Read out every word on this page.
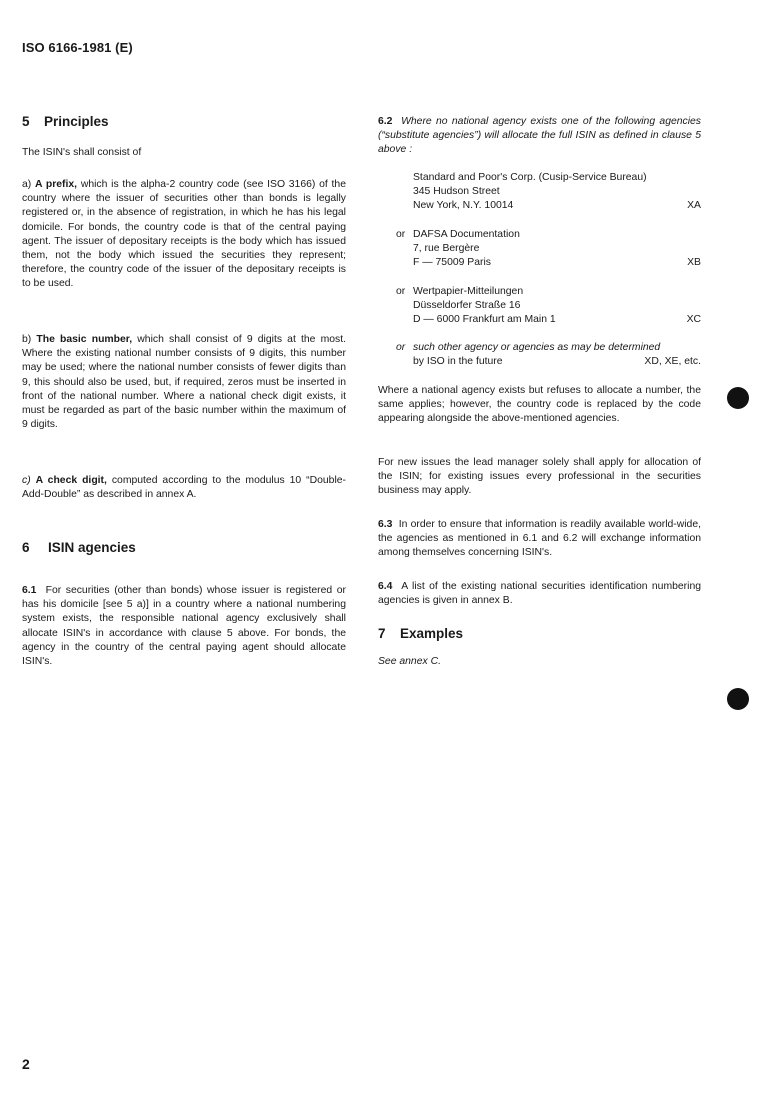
ISO 6166-1981 (E)
5 Principles
The ISIN's shall consist of

a) A prefix, which is the alpha-2 country code (see ISO 3166) of the country where the issuer of securities other than bonds is legally registered or, in the absence of registration, in which he has his legal domicile. For bonds, the country code is that of the central paying agent. The issuer of depositary receipts is the body which has issued them, not the body which issued the securities they represent; therefore, the country code of the issuer of the depositary receipts is to be used.

b) The basic number, which shall consist of 9 digits at the most. Where the existing national number consists of 9 digits, this number may be used; where the national number consists of fewer digits than 9, this should also be used, but, if required, zeros must be inserted in front of the national number. Where a national check digit exists, it must be regarded as part of the basic number within the maximum of 9 digits.

c) A check digit, computed according to the modulus 10 “Double-Add-Double” as described in annex A.

6 ISIN agencies

6.1 For securities (other than bonds) whose issuer is registered or has his domicile [see 5 a)] in a country where a national numbering system exists, the responsible national agency exclusively shall allocate ISIN's in accordance with clause 5 above. For bonds, the agency in the country of the central paying agent should allocate ISIN's.

6.2 Where no national agency exists one of the following agencies (“substitute agencies”) will allocate the full ISIN as defined in clause 5 above :

Standard and Poor's Corp. (Cusip-Service Bureau)
345 Hudson Street
New York, N.Y. 10014	XA
or DAFSA Documentation
7, rue Bergère
F — 75009 Paris	XB
or Wertpapier-Mitteilungen
Düsseldorfer Straße 16
D — 6000 Frankfurt am Main 1	XC
or such other agency or agencies as may be determined
by ISO in the future	XD, XE, etc.

Where a national agency exists but refuses to allocate a number, the same applies; however, the country code is replaced by the code appearing alongside the above-mentioned agencies.

For new issues the lead manager solely shall apply for allocation of the ISIN; for existing issues every professional in the securities business may apply.

6.3 In order to ensure that information is readily available world-wide, the agencies as mentioned in 6.1 and 6.2 will exchange information among themselves concerning ISIN's.

6.4 A list of the existing national securities identification numbering agencies is given in annex B.

7 Examples
See annex C.
2
